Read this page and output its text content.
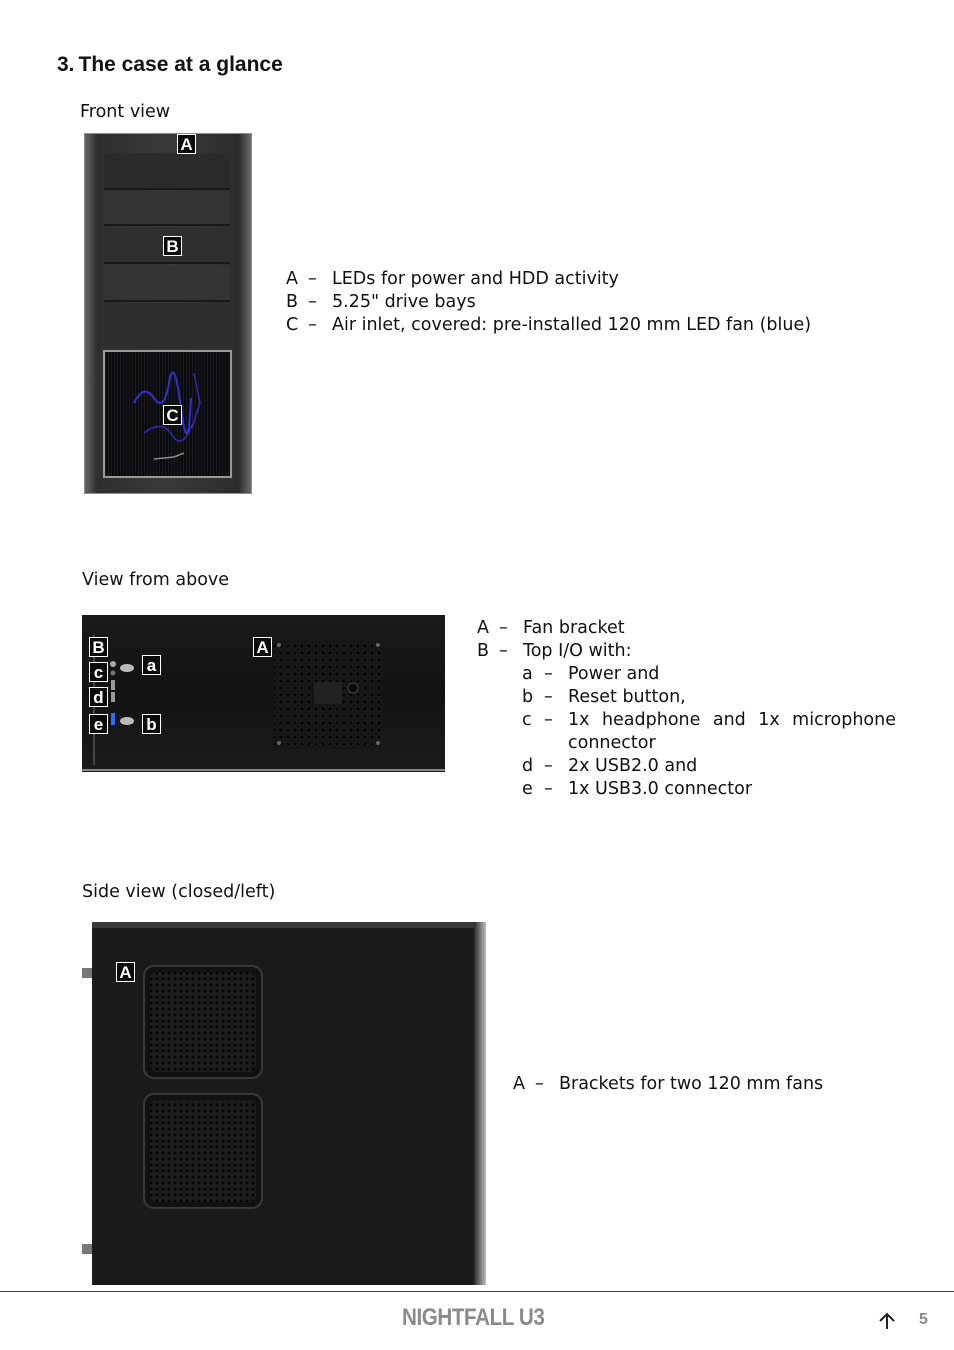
3. The case at a glance
Front view
A
B
C
A – LEDs for power and HDD activity
B – 5.25" drive bays
C – Air inlet, covered: pre-installed 120 mm LED fan (blue)
View from above
B	A
a
c
d
e	b
A – Fan bracket
B – Top I/O with:
a – Power and
b – Reset button,
c – 1x headphone and 1x microphone
connector
d – 2x USB2.0 and
e – 1x USB3.0 connector
Side view (closed/left)
A
A – Brackets for two 120 mm fans
NIGHTFALL U3	5
